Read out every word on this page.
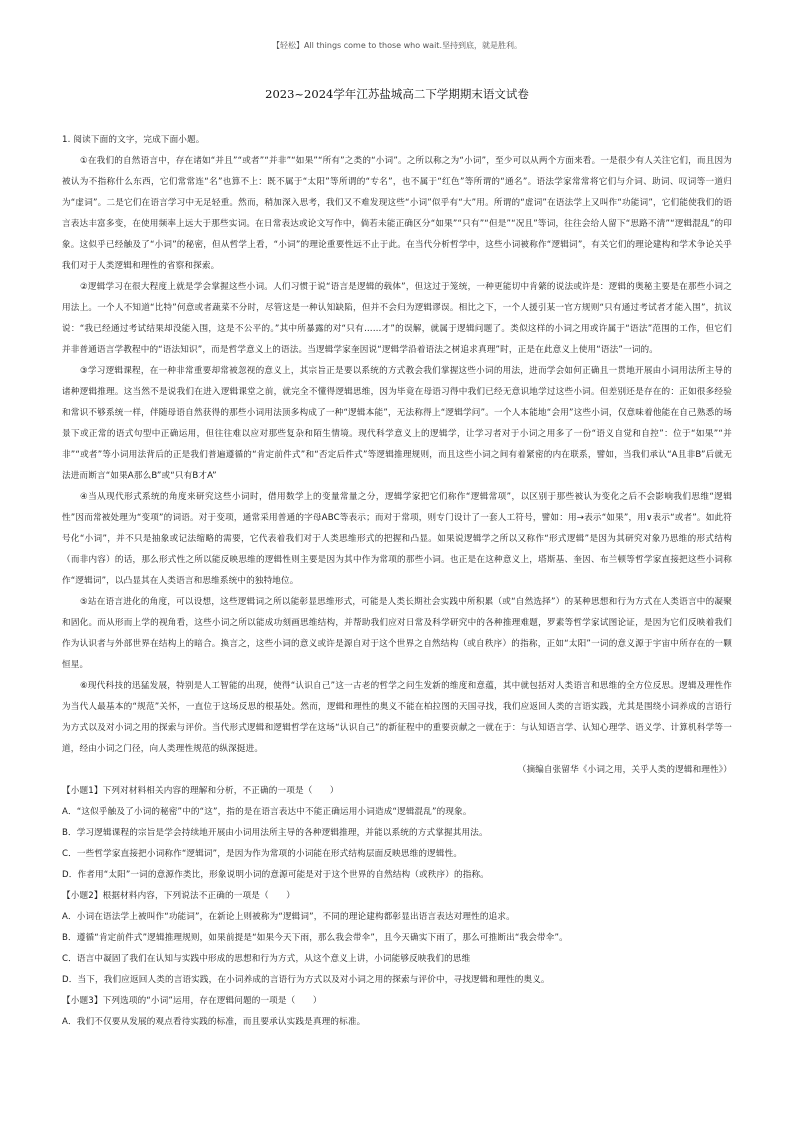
【轻松】All things come to those who wait.坚持到底，就是胜利。
2023~2024学年江苏盐城高二下学期期末语文试卷

1. 阅读下面的文字，完成下面小题。

①在我们的自然语言中，存在诸如“并且”“或者”“并非”“如果”“所有”之类的“小词”。之所以称之为“小词”，至少可以从两个方面来看。一是很少有人关注它们，而且因为被认为不指称什么东西，它们常常连“名”也算不上：既不属于“太阳”等所谓的“专名”，也不属于“红色”等所谓的“通名”。语法学家常常将它们与介词、助词、叹词等一道归为“虚词”。二是它们在语言学习中无足轻重。然而，稍加深入思考，我们又不难发现这些“小词”似乎有“大”用。所谓的“虚词”在语法学上又叫作“功能词”，它们能使我们的语言表达丰富多变，在使用频率上远大于那些实词。在日常表达或论文写作中，倘若未能正确区分“如果”“只有”“但是”“况且”等词，往往会给人留下“思路不清”“逻辑混乱”的印象。这似乎已经触及了“小词”的秘密，但从哲学上看，“小词”的理论重要性远不止于此。在当代分析哲学中，这些小词被称作“逻辑词”，有关它们的理论建构和学术争论关乎我们对于人类逻辑和理性的省察和探索。

②逻辑学习在很大程度上就是学会掌握这些小词。人们习惯于说“语言是逻辑的载体”，但这过于笼统，一种更能切中肯綮的说法或许是：逻辑的奥秘主要是在那些小词之用法上。一个人不知道“比特”何意或者蔬菜不分时，尽管这是一种认知缺陷，但并不会归为逻辑谬误。相比之下，一个人援引某一官方规则“只有通过考试者才能入围”，抗议说：“我已经通过考试结果却没能入围，这是不公平的。”其中所暴露的对“只有……才”的误解，就属于逻辑问题了。类似这样的小词之用或许属于“语法”范围的工作，但它们并非普通语言学教程中的“语法知识”，而是哲学意义上的语法。当逻辑学家奎因说“逻辑学沿着语法之树追求真理”时，正是在此意义上使用“语法”一词的。

③学习逻辑课程，在一种非常重要却常被忽视的意义上，其宗旨正是要以系统的方式教会我们掌握这些小词的用法，进而学会如何正确且一贯地开展由小词用法所主导的诸种逻辑推理。这当然不是说我们在进入逻辑课堂之前，就完全不懂得逻辑思维，因为毕竟在母语习得中我们已经无意识地学过这些小词。但差别还是存在的：正如很多经验和常识不够系统一样，伴随母语自然获得的那些小词用法顶多构成了一种“逻辑本能”，无法称得上“逻辑学问”。一个人本能地“会用”这些小词，仅意味着他能在自己熟悉的场景下或正常的语式句型中正确运用，但往往难以应对那些复杂和陌生情境。现代科学意义上的逻辑学，让学习者对于小词之用多了一份“语义自觉和自控”：位于“如果”“并非”“或者”等小词用法背后的正是我们普遍遵循的“肯定前件式”和“否定后件式”等逻辑推理规则，而且这些小词之间有着紧密的内在联系，譬如，当我们承认“A且非B”后就无法进而断言“如果A那么B”或“只有B才A”

④当从现代形式系统的角度来研究这些小词时，借用数学上的变量常量之分，逻辑学家把它们称作“逻辑常项”，以区别于那些被认为变化之后不会影响我们思维“逻辑性”因而常被处理为“变项”的词语。对于变项，通常采用普通的字母ABC等表示；而对于常项，则专门设计了一套人工符号，譬如：用→表示“如果”，用∨表示“或者”。如此符号化“小词”，并不只是抽象或记法缩略的需要，它代表着我们对于人类思维形式的把握和凸显。如果说逻辑学之所以又称作“形式逻辑”是因为其研究对象乃思维的形式结构（而非内容）的话，那么形式性之所以能反映思维的逻辑性则主要是因为其中作为常项的那些小词。也正是在这种意义上，塔斯基、奎因、布兰顿等哲学家直接把这些小词称作“逻辑词”，以凸显其在人类语言和思维系统中的独特地位。

⑤站在语言进化的角度，可以设想，这些逻辑词之所以能彰显思维形式，可能是人类长期社会实践中所积累（或“自然选择”）的某种思想和行为方式在人类语言中的凝聚和固化。而从形而上学的视角看，这些小词之所以能成功刻画思维结构，并帮助我们应对日常及科学研究中的各种推理难题，罗素等哲学家试图论证，是因为它们反映着我们作为认识者与外部世界在结构上的暗合。换言之，这些小词的意义或许是源自对于这个世界之自然结构（或自秩序）的指称，正如“太阳”一词的意义源于宇宙中所存在的一颗恒星。

⑥现代科技的迅猛发展，特别是人工智能的出现，使得“认识自己”这一古老的哲学之问生发新的维度和意蕴，其中就包括对人类语言和思维的全方位反思。逻辑及理性作为当代人最基本的“规范”关怀，一直位于这场反思的根基处。然而，逻辑和理性的奥义不能在柏拉图的天国寻找，我们应返回人类的言语实践，尤其是围绕小词养成的言语行为方式以及对小词之用的探索与评价。当代形式逻辑和逻辑哲学在这场“认识自己”的新征程中的重要贡献之一就在于：与认知语言学、认知心理学、语义学、计算机科学等一道，经由小词之门径，向人类理性规范的纵深挺进。

（摘编自张留华《小词之用，关乎人类的逻辑和理性》）

【小题1】下列对材料相关内容的理解和分析，不正确的一项是（　　）

A．“这似乎触及了小词的秘密”中的“这”，指的是在语言表达中不能正确运用小词造成“逻辑混乱”的现象。

B．学习逻辑课程的宗旨是学会持续地开展由小词用法所主导的各种逻辑推理，并能以系统的方式掌握其用法。

C．一些哲学家直接把小词称作“逻辑词”，是因为作为常项的小词能在形式结构层面反映思维的逻辑性。

D．作者用“太阳”一词的意源作类比，形象说明小词的意源可能是对于这个世界的自然结构（或秩序）的指称。

【小题2】根据材料内容，下列说法不正确的一项是（　　）

A．小词在语法学上被叫作“功能词”，在新论上则被称为“逻辑词”，不同的理论建构都彰显出语言表达对理性的追求。

B．遵循“肯定前件式”逻辑推理规则，如果前提是“如果今天下雨，那么我会带伞”，且今天确实下雨了，那么可推断出“我会带伞”。

C．语言中凝固了我们在认知与实践中形成的思想和行为方式，从这个意义上讲，小词能够反映我们的思维

D．当下，我们应返回人类的言语实践，在小词养成的言语行为方式以及对小词之用的探索与评价中，寻找逻辑和理性的奥义。

【小题3】下列选项的“小词”运用，存在逻辑问题的一项是（　　）

A．我们不仅要从发展的观点看待实践的标准，而且要承认实践是真理的标准。
